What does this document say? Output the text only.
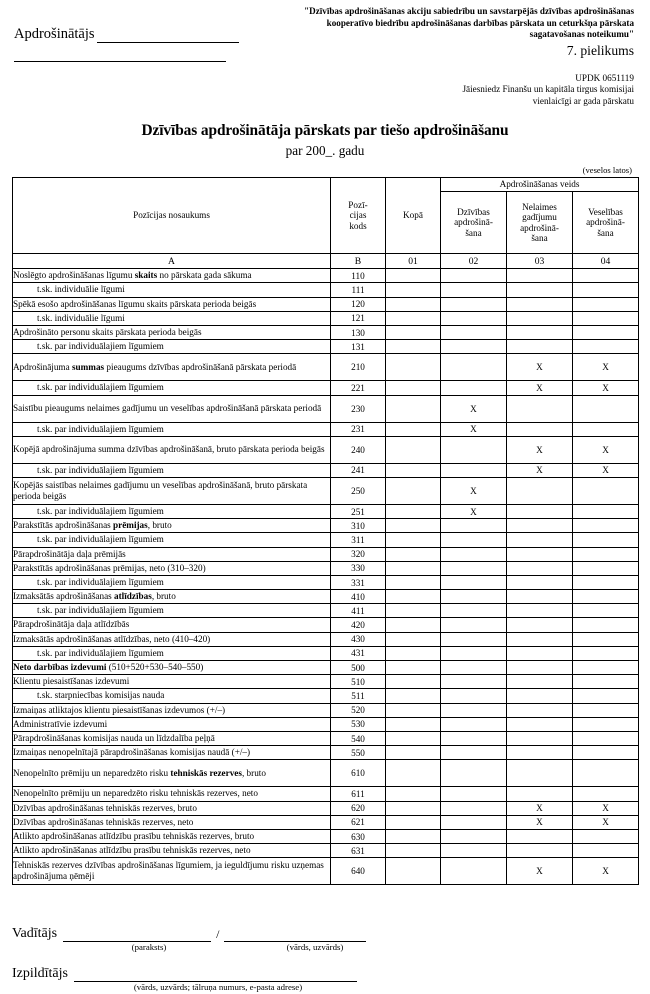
Apdrošinātājs
"Dzīvības apdrošināšanas akciju sabiedrību un savstarpējās dzīvības apdrošināšanas kooperatīvo biedrību apdrošināšanas darbības pārskata un ceturkšņa pārskata sagatavošanas noteikumu"
7. pielikums
UPDK 0651119
Jāiesniedz Finanšu un kapitāla tirgus komisijai
vienlaicīgi ar gada pārskatu
Dzīvības apdrošinātāja pārskats par tiešo apdrošināšanu
par 200_. gadu
(veselos latos)
Pozīcijas nosaukums	Pozī-
cijas
kods	Kopā	Apdrošināšanas veids		
			Dzīvības
apdrošinā-
šana	Nelaimes
gadījumu
apdrošinā-
šana	Veselības
apdrošinā-
šana
A	B	01	02	03	04
Noslēgto apdrošināšanas līgumu skaits no pārskata gada sākuma	110				
t.sk. individuālie līgumi	111				
Spēkā esošo apdrošināšanas līgumu skaits pārskata perioda beigās	120				
t.sk. individuālie līgumi	121				
Apdrošināto personu skaits pārskata perioda beigās	130				
t.sk. par individuālajiem līgumiem	131				
Apdrošinājuma summas pieaugums dzīvības apdrošināšanā pārskata periodā	210			X	X
t.sk. par individuālajiem līgumiem	221			X	X
Saistību pieaugums nelaimes gadījumu un veselības apdrošināšanā pārskata periodā	230		X		
t.sk. par individuālajiem līgumiem	231		X		
Kopējā apdrošinājuma summa dzīvības apdrošināšanā, bruto pārskata perioda beigās	240			X	X
t.sk. par individuālajiem līgumiem	241			X	X
Kopējās saistības nelaimes gadījumu un veselības apdrošināšanā, bruto pārskata perioda beigās	250		X		
t.sk. par individuālajiem līgumiem	251		X		
Parakstītās apdrošināšanas prēmijas, bruto	310				
t.sk. par individuālajiem līgumiem	311				
Pārapdrošinātāja daļa prēmijās	320				
Parakstītās apdrošināšanas prēmijas, neto (310–320)	330				
t.sk. par individuālajiem līgumiem	331				
Izmaksātās apdrošināšanas atlīdzības, bruto	410				
t.sk. par individuālajiem līgumiem	411				
Pārapdrošinātāja daļa atlīdzībās	420				
Izmaksātās apdrošināšanas atlīdzības, neto (410–420)	430				
t.sk. par individuālajiem līgumiem	431				
Neto darbības izdevumi (510+520+530–540–550)	500				
Klientu piesaistīšanas izdevumi	510				
t.sk. starpniecības komisijas nauda	511				
Izmaiņas atliktajos klientu piesaistīšanas izdevumos (+/–)	520				
Administratīvie izdevumi	530				
Pārapdrošināšanas komisijas nauda un līdzdalība peļņā	540				
Izmaiņas nenopelnītajā pārapdrošināšanas komisijas naudā (+/–)	550				
Nenopelnīto prēmiju un neparedzēto risku tehniskās rezerves, bruto	610				
Nenopelnīto prēmiju un neparedzēto risku tehniskās rezerves, neto	611				
Dzīvības apdrošināšanas tehniskās rezerves, bruto	620			X	X
Dzīvības apdrošināšanas tehniskās rezerves, neto	621			X	X
Atlikto apdrošināšanas atlīdzību prasību tehniskās rezerves, bruto	630				
Atlikto apdrošināšanas atlīdzību prasību tehniskās rezerves, neto	631				
Tehniskās rezerves dzīvības apdrošināšanas līgumiem, ja ieguldījumu risku uzņemas apdrošinājuma ņēmēji	640			X	X
Vadītājs	/
(paraksts)	(vārds, uzvārds)
Izpildītājs
(vārds, uzvārds; tālruņa numurs, e-pasta adrese)
